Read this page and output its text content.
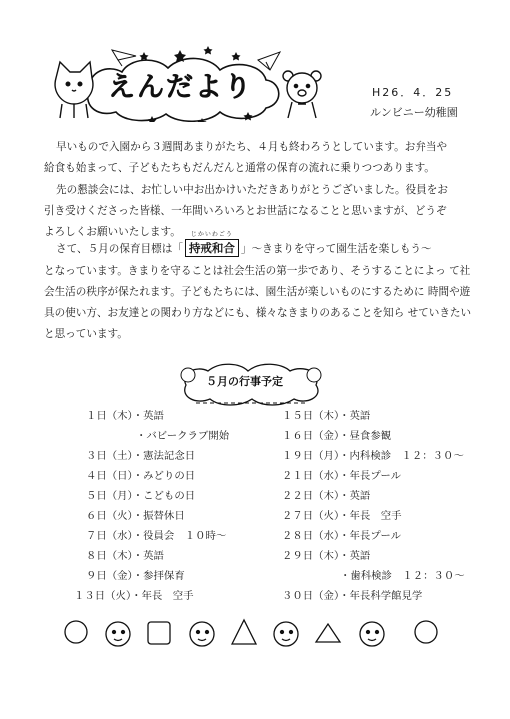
えんだより	H26．4．25
ルンビニー幼稚園
早いもので入園から３週間あまりがたち、４月も終わろうとしています。お弁当や
給食も始まって、子どもたちもだんだんと通常の保育の流れに乗りつつあります。
先の懇談会には、お忙しい中お出かけいただきありがとうございました。役員をお
引き受けくださった皆様、一年間いろいろとお世話になることと思いますが、どうぞ
よろしくお願いいたします。
さて、５月の保育目標は「
じかいわごう
持戒和合 」～きまりを守って園生活を楽しもう～
となっています。きまりを守ることは社会生活の第一歩であり、そうすることによっ て社会生活の秩序が保たれます。子どもたちには、園生活が楽しいものにするために 時間や遊具の使い方、お友達との関わり方などにも、様々なきまりのあることを知ら せていきたいと思っています。
５月の行事予定
１日（木）・英語
・バビークラブ開始
３日（土）・憲法記念日
４日（日）・みどりの日
５日（月）・こどもの日
６日（火）・振替休日
７日（水）・役員会　１０時～
８日（木）・英語
９日（金）・参拝保育
１３日（火）・年長　空手
１５日（木）・英語
１６日（金）・昼食参観
１９日（月）・内科検診　１２：３０～
２１日（水）・年長プール
２２日（木）・英語
２７日（火）・年長　空手
２８日（水）・年長プール
２９日（木）・英語
・歯科検診　１２：３０～
３０日（金）・年長科学館見学
